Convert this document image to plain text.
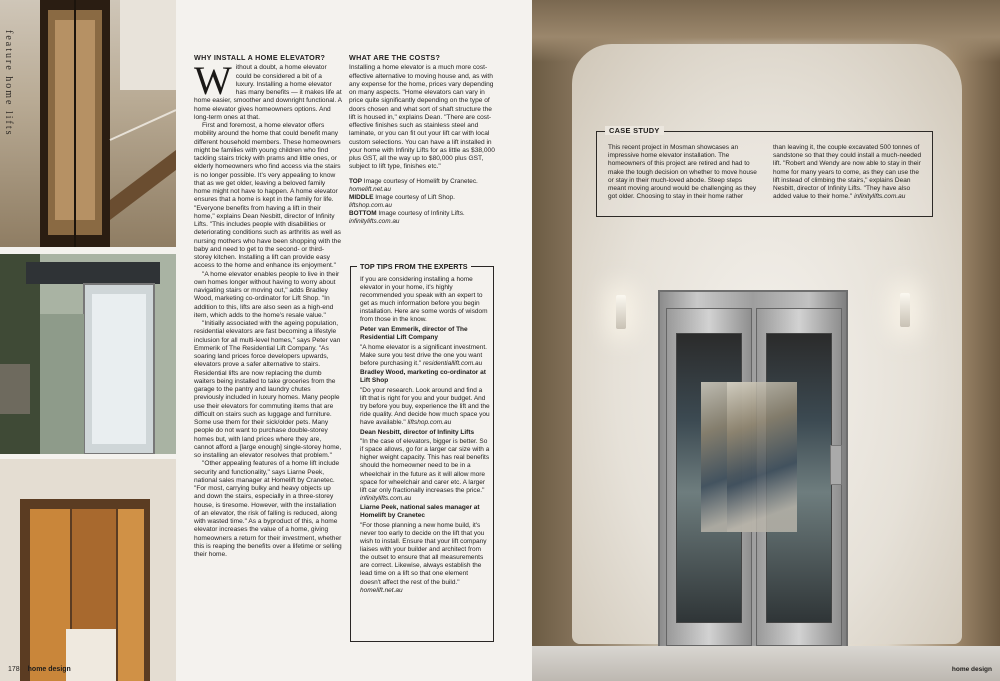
feature home lifts	WHY INSTALL A HOME ELEVATOR?

Without a doubt, a home elevator could be considered a bit of a luxury. Installing a home elevator has many benefits — it makes life at home easier, smoother and downright functional. A home elevator gives homeowners options. And long-term ones at that.

First and foremost, a home elevator offers mobility around the home that could benefit many different household members. These homeowners might be families with young children who find tackling stairs tricky with prams and little ones, or elderly homeowners who find access via the stairs is no longer possible. It's very appealing to know that as we get older, leaving a beloved family home might not have to happen. A home elevator ensures that a home is kept in the family for life. "Everyone benefits from having a lift in their home," explains Dean Nesbitt, director of Infinity Lifts. "This includes people with disabilities or deteriorating conditions such as arthritis as well as nursing mothers who have been shopping with the baby and need to get to the second- or third-storey kitchen. Installing a lift can provide easy access to the home and enhance its enjoyment."

"A home elevator enables people to live in their own homes longer without having to worry about navigating stairs or moving out," adds Bradley Wood, marketing co-ordinator for Lift Shop. "In addition to this, lifts are also seen as a high-end item, which adds to the home's resale value."

"Initially associated with the ageing population, residential elevators are fast becoming a lifestyle inclusion for all multi-level homes," says Peter van Emmerik of The Residential Lift Company. "As soaring land prices force developers upwards, elevators prove a safer alternative to stairs. Residential lifts are now replacing the dumb waiters being installed to take groceries from the garage to the pantry and laundry chutes previously included in luxury homes. Many people use their elevators for commuting items that are difficult on stairs such as luggage and furniture. Some use them for their sick/older pets. Many people do not want to purchase double-storey homes but, with land prices where they are, cannot afford a [large enough] single-storey home, so installing an elevator resolves that problem."

"Other appealing features of a home lift include security and functionality," says Liarne Peek, national sales manager at Homelift by Cranetec. "For most, carrying bulky and heavy objects up and down the stairs, especially in a three-storey house, is tiresome. However, with the installation of an elevator, the risk of falling is reduced, along with wasted time." As a byproduct of this, a home elevator increases the value of a home, giving homeowners a return for their investment, whether this is reaping the benefits over a lifetime or selling their home.

WHAT ARE THE COSTS?

Installing a home elevator is a much more cost-effective alternative to moving house and, as with any expense for the home, prices vary depending on many aspects. "Home elevators can vary in price quite significantly depending on the type of doors chosen and what sort of shaft structure the lift is housed in," explains Dean. "There are cost-effective finishes such as stainless steel and laminate, or you can fit out your lift car with local custom selections. You can have a lift installed in your home with Infinity Lifts for as little as $38,000 plus GST, all the way up to $80,000 plus GST, subject to lift type, finishes etc."

TOP Image courtesy of Homelift by Cranetec. homelift.net.au
MIDDLE Image courtesy of Lift Shop. liftshop.com.au
BOTTOM Image courtesy of Infinity Lifts. infinitylifts.com.au
TOP TIPS FROM THE EXPERTS

If you are considering installing a home elevator in your home, it's highly recommended you speak with an expert to get as much information before you begin installation. Here are some words of wisdom from those in the know.

Peter van Emmerik, director of The Residential Lift Company

"A home elevator is a significant investment. Make sure you test drive the one you want before purchasing it." residentiallift.com.au

Bradley Wood, marketing co-ordinator at Lift Shop

"Do your research. Look around and find a lift that is right for you and your budget. And try before you buy, experience the lift and the ride quality. And decide how much space you have available." liftshop.com.au

Dean Nesbitt, director of Infinity Lifts

"In the case of elevators, bigger is better. So if space allows, go for a larger car size with a higher weight capacity. This has real benefits should the homeowner need to be in a wheelchair in the future as it will allow more space for wheelchair and carer etc. A larger lift car only fractionally increases the price." infinitylifts.com.au

Liarne Peek, national sales manager at Homelift by Cranetec

"For those planning a new home build, it's never too early to decide on the lift that you wish to install. Ensure that your lift company liaises with your builder and architect from the outset to ensure that all measurements are correct. Likewise, always establish the lead time on a lift so that one element doesn't affect the rest of the build." homelift.net.au

178 home design
CASE STUDY
This recent project in Mosman showcases an impressive home elevator installation. The homeowners of this project are retired and had to make the tough decision on whether to move house or stay in their much-loved abode. Steep steps meant moving around would be challenging as they got older. Choosing to stay in their home rather
than leaving it, the couple excavated 500 tonnes of sandstone so that they could install a much-needed lift. "Robert and Wendy are now able to stay in their home for many years to come, as they can use the lift instead of climbing the stairs," explains Dean Nesbitt, director of Infinity Lifts. "They have also added value to their home." infinitylifts.com.au
home design
